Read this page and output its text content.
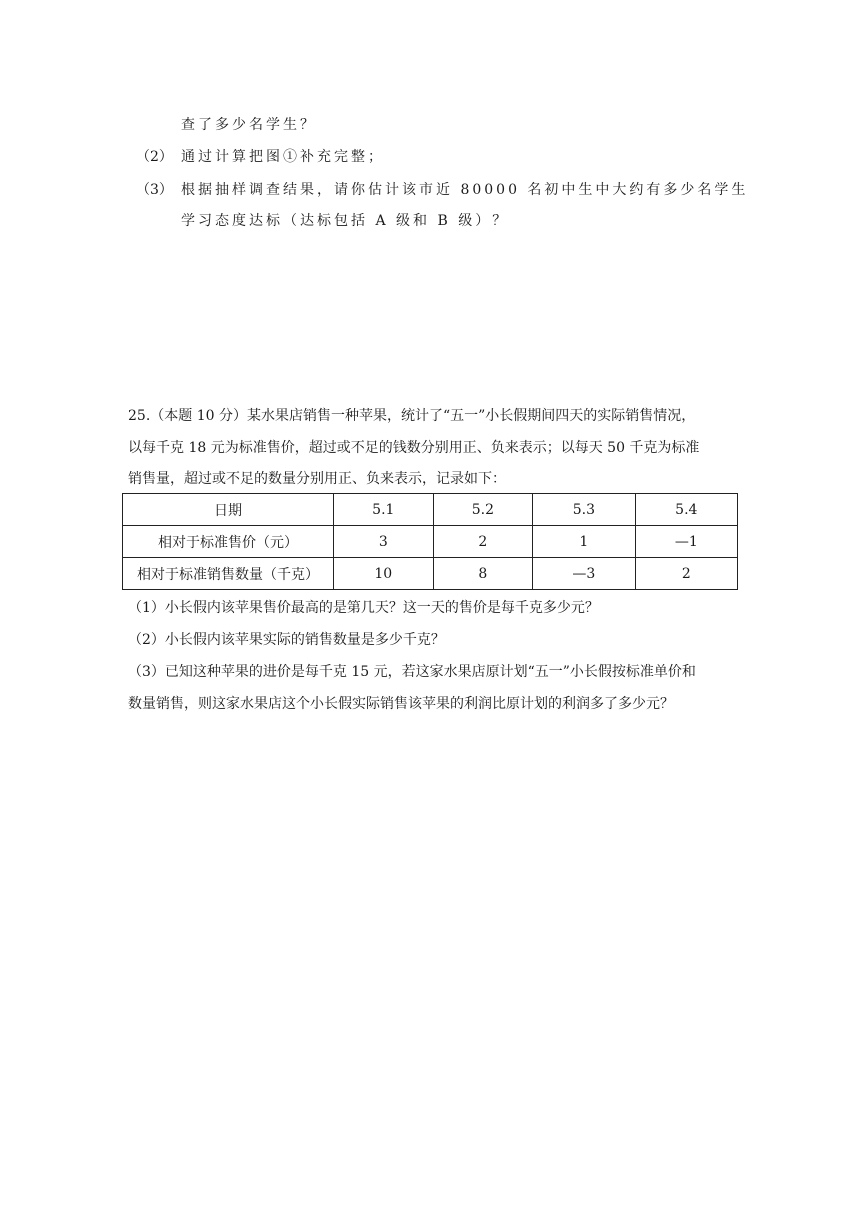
查了多少名学生？
（2） 通过计算把图①补充完整；
（3） 根据抽样调查结果，请你估计该市近 80000 名初中生中大约有多少名学生
学习态度达标（达标包括 A 级和 B 级）？
25.（本题 10 分）某水果店销售一种苹果，统计了“五一”小长假期间四天的实际销售情况，
以每千克 18 元为标准售价，超过或不足的钱数分别用正、负来表示；以每天 50 千克为标准
销售量，超过或不足的数量分别用正、负来表示，记录如下：
日期	5.1	5.2	5.3	5.4
相对于标准售价（元）	3	2	1	—1
相对于标准销售数量（千克）	10	8	—3	2
（1）小长假内该苹果售价最高的是第几天？这一天的售价是每千克多少元？
（2）小长假内该苹果实际的销售数量是多少千克？
（3）已知这种苹果的进价是每千克 15 元，若这家水果店原计划“五一”小长假按标准单价和
数量销售，则这家水果店这个小长假实际销售该苹果的利润比原计划的利润多了多少元？
